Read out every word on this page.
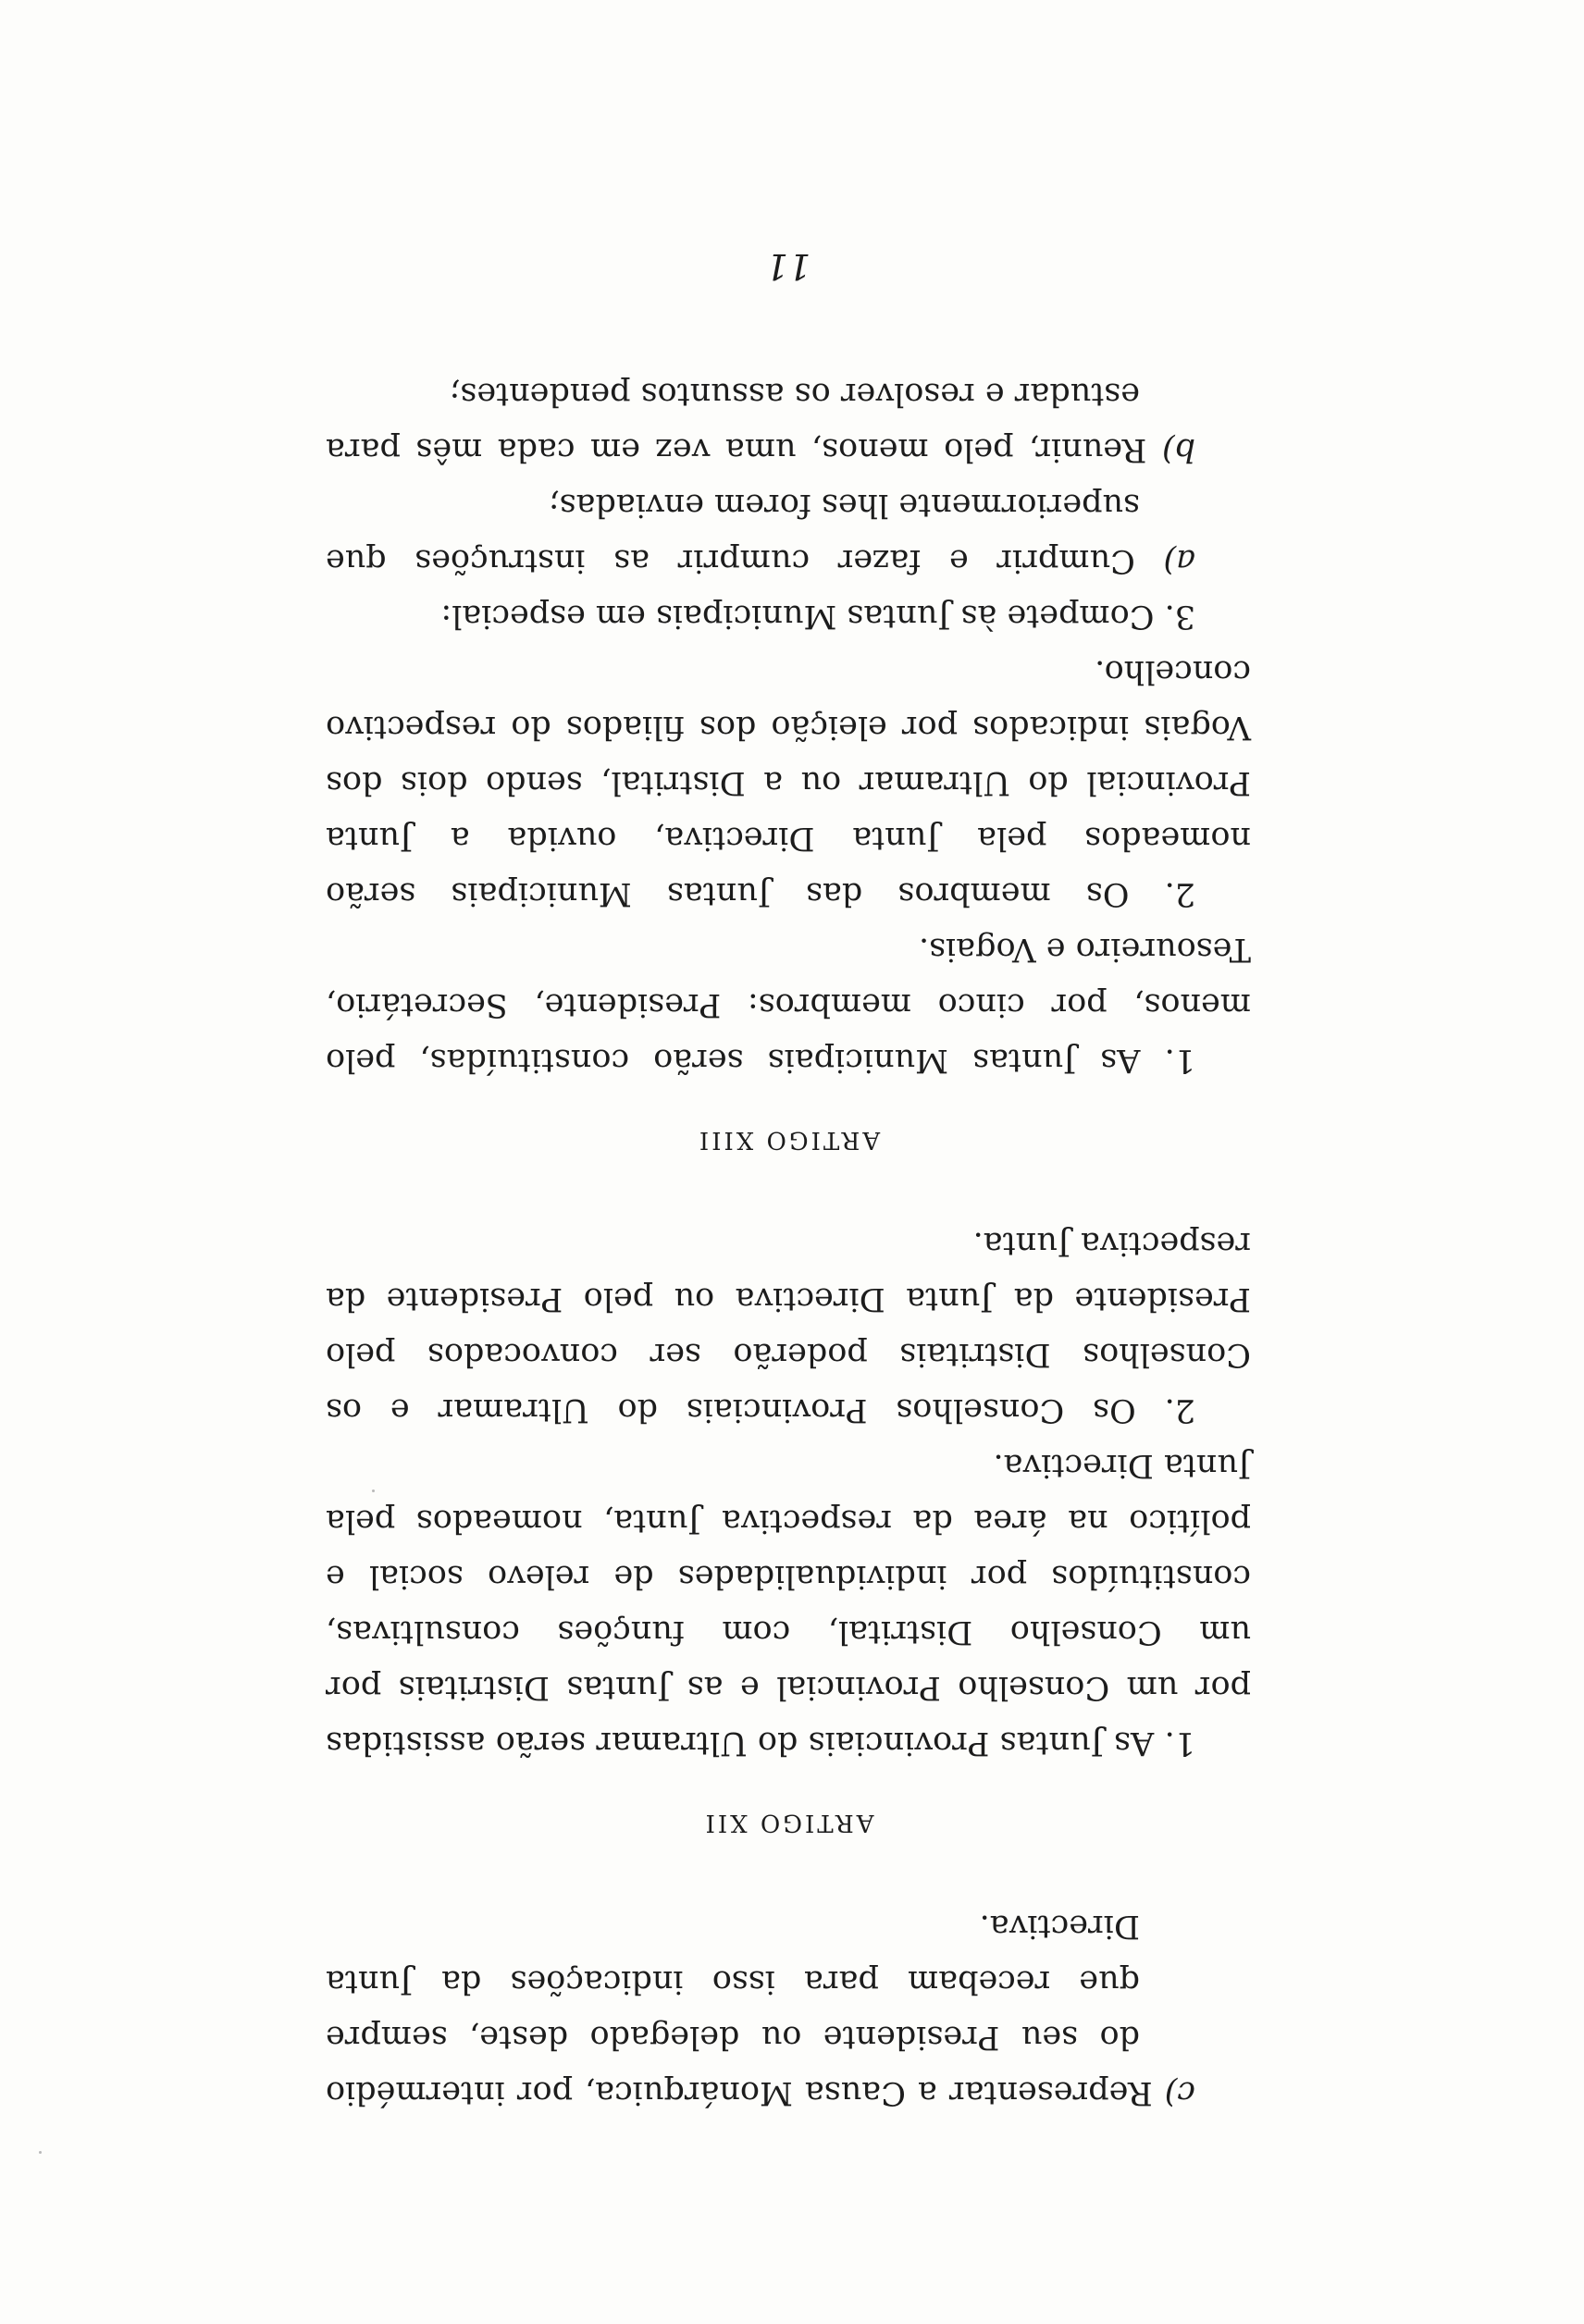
c) Representar a Causa Monárquica, por intermédio do seu Presidente ou delegado deste, sempre que recebam para isso indicações da Junta Directiva.

ARTIGO XII

1. As Juntas Provinciais do Ultramar serão assistidas por um Conselho Provincial e as Juntas Distritais por um Conselho Distrital, com funções consultivas, constituídos por individualidades de relevo social e político na área da respectiva Junta, nomeados pela Junta Directiva.

2. Os Conselhos Provinciais do Ultramar e os Conselhos Distritais poderão ser convocados pelo Presidente da Junta Directiva ou pelo Presidente da respectiva Junta.

ARTIGO XIII

1. As Juntas Municipais serão constituídas, pelo menos, por cinco membros: Presidente, Secretário, Tesoureiro e Vogais.

2. Os membros das Juntas Municipais serão nomeados pela Junta Directiva, ouvida a Junta Provincial do Ultramar ou a Distrital, sendo dois dos Vogais indicados por eleição dos filiados do respectivo concelho.

3. Compete às Juntas Municipais em especial:

a) Cumprir e fazer cumprir as instruções que superiormente lhes forem enviadas;

b) Reunir, pelo menos, uma vez em cada mês para estudar e resolver os assuntos pendentes;

11
